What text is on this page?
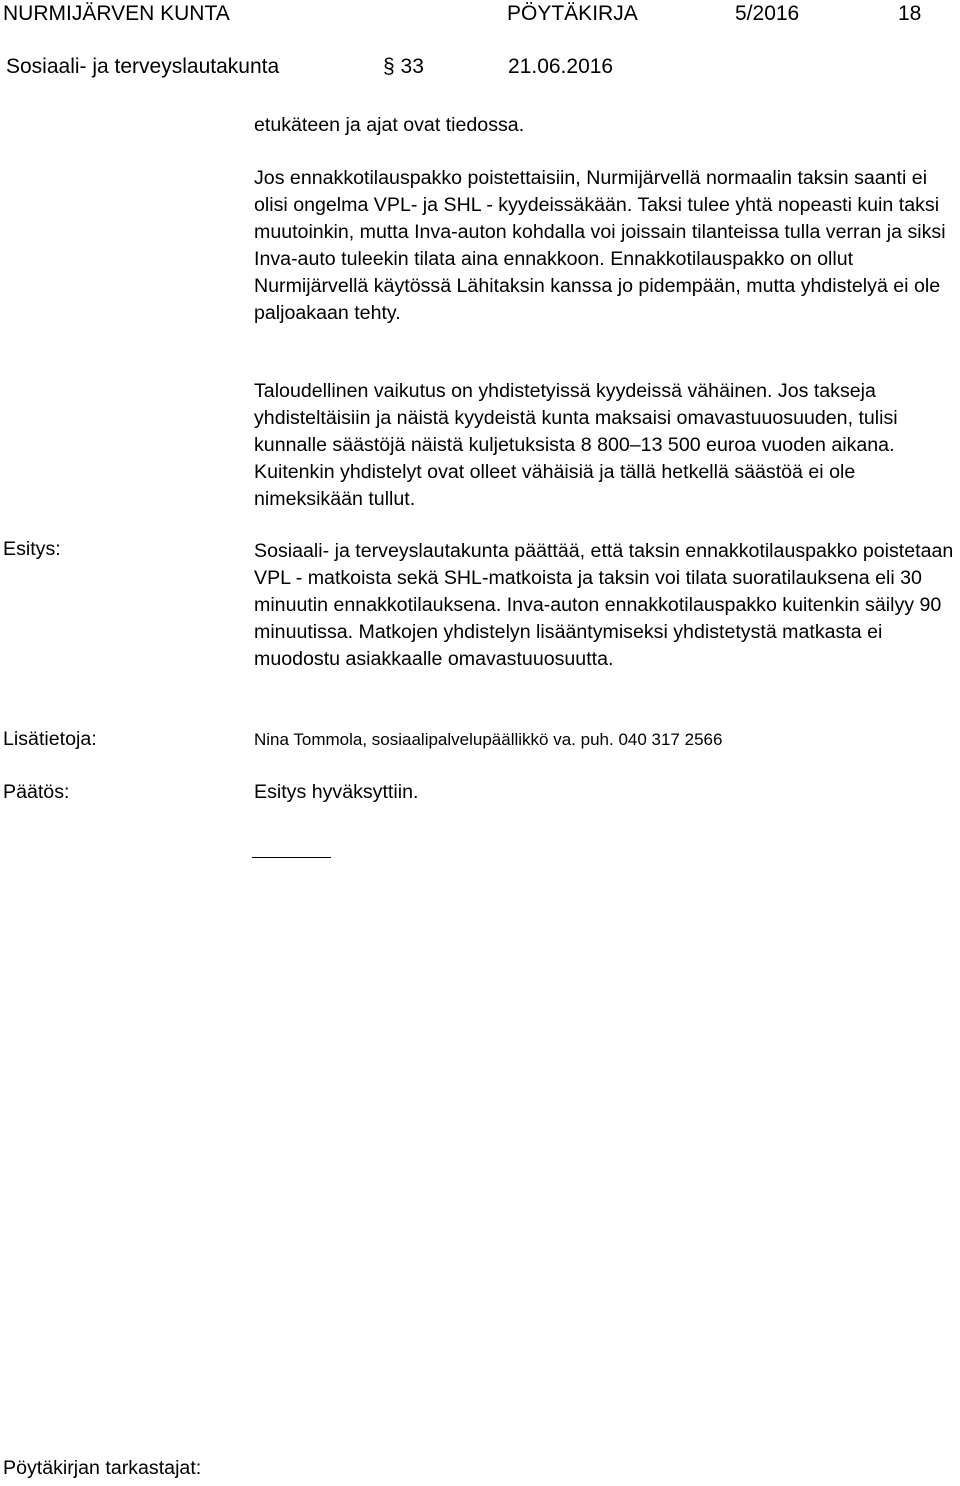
NURMIJÄRVEN KUNTA	PÖYTÄKIRJA	5/2016	18
Sosiaali- ja terveyslautakunta	§ 33	21.06.2016

etukäteen ja ajat ovat tiedossa.

Jos ennakkotilauspakko poistettaisiin, Nurmijärvellä normaalin taksin saanti ei olisi ongelma VPL- ja SHL - kyydeissäkään. Taksi tulee yhtä nopeasti kuin taksi muutoinkin, mutta Inva-auton kohdalla voi joissain tilanteissa tulla verran ja siksi Inva-auto tuleekin tilata aina ennakkoon. Ennakkotilauspakko on ollut Nurmijärvellä käytössä Lähitaksin kanssa jo pidempään, mutta yhdistelyä ei ole paljoakaan tehty.

Taloudellinen vaikutus on yhdistetyissä kyydeissä vähäinen. Jos takseja yhdisteltäisiin ja näistä kyydeistä kunta maksaisi omavastuuosuuden, tulisi kunnalle säästöjä näistä kuljetuksista 8 800–13 500 euroa vuoden aikana. Kuitenkin yhdistelyt ovat olleet vähäisiä ja tällä hetkellä säästöä ei ole nimeksikään tullut.

Esitys:	Sosiaali- ja terveyslautakunta päättää, että taksin ennakkotilauspakko poistetaan VPL - matkoista sekä SHL-matkoista ja taksin voi tilata suoratilauksena eli 30 minuutin ennakkotilauksena. Inva-auton ennakkotilauspakko kuitenkin säilyy 90 minuutissa. Matkojen yhdistelyn lisääntymiseksi yhdistetystä matkasta ei muodostu asiakkaalle omavastuuosuutta.

Lisätietoja:	Nina Tommola, sosiaalipalvelupäällikkö va. puh. 040 317 2566
Päätös:	Esitys hyväksyttiin.
Pöytäkirjan tarkastajat:
